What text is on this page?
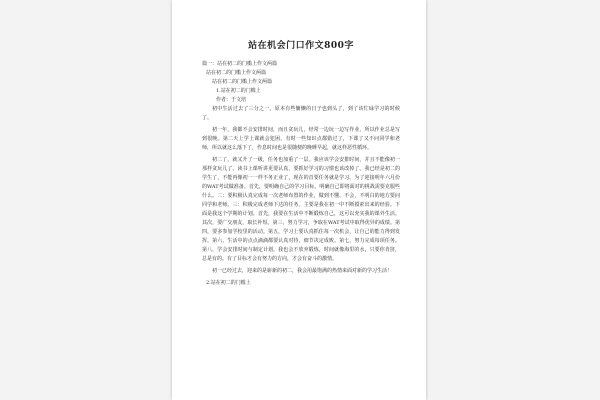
站在机会门口作文800字

篇一：站在初二的门槛上作文两篇

站在初二的门槛上作文两篇

站在初二的门槛上作文两篇

1.站在初二的门槛上

作者：于文培

初中生活过去了三分之一。原本有些慵懒的日子也到头了，到了该忙碌学习的时候了。

初一年，我都不会安排时间，而且贪玩儿，经常一边玩一边写作业，所以作业总是写到很晚。第二天上学上课就会犯困，有时一些知识点都错过了，下课了又不问同学和老师，所以就这么落下了，作息时间也是很随便的晚睡早起，就这样恶性循环。

初二了，就又升了一级，任务也加重了一层。我应该学会安排时间，并且不能像初一那样贪玩儿了。读书上课听讲更要认真，要抓好学习的习惯也该改掉了。我已经是初二的学生了，不能再像初一一样不务正业了，现在的首要任务就是学习。为了迎接明年六月份的WAT考试做准备。首先，要明确自己的学习目标，明确自己即将面对的挑战需要克服些什么。二：要积极认真完成每一次老师布置的作业，做到不懂、不会，不明白的地方要问同学和老师。三：积极完成老师下达的任务。主要是我在初一中不断摸索出来的经验。下面是我这个学期的计划。首先，我要在生活中不断锻炼自己，这可以充实我的课外生活。其次，要广交朋友，取长补短。第三，努力学习，争取在WAT考试中取得优异的成绩。第四，要多参加学校里的活动。第五，学习上要认真抓住每一次机会，让自己的能力得到发挥。第六，生活中的点点滴滴都要认真对待，细节决定成败。第七，努力完成每项任务。第八，学会安排时间与制定计划。我也会不放弃锻炼，时间就像海里的水，只要你肯挤，总是有的。有了目标才会有努力的方向，才会有奋斗的激情。

初一已经过去，迎来的是崭新的初二，我会用最饱满的热情来面对新的学习生活！

2.站在初二的门槛上
